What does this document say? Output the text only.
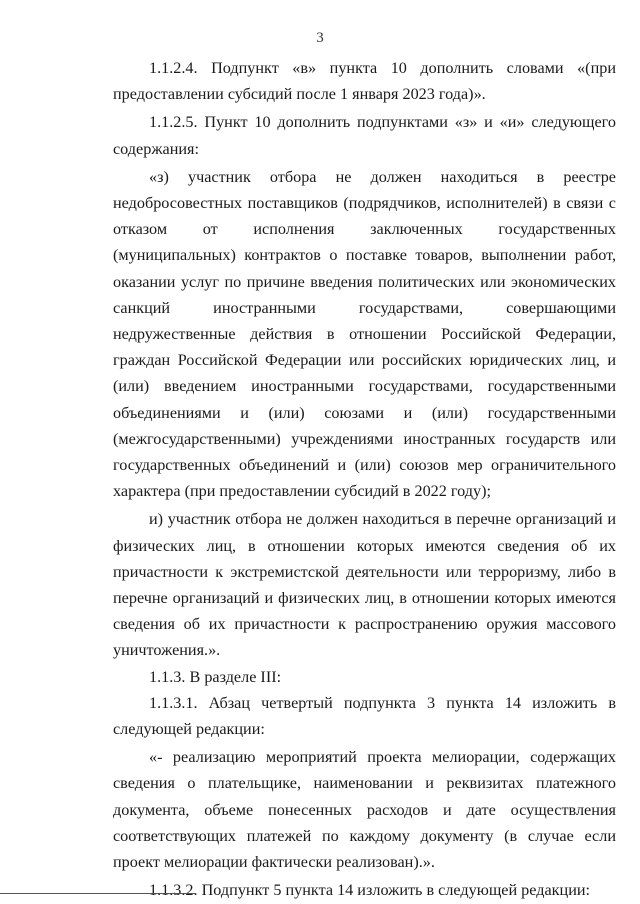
3

1.1.2.4. Подпункт «в» пункта 10 дополнить словами «(при предоставлении субсидий после 1 января 2023 года)».

1.1.2.5. Пункт 10 дополнить подпунктами «з» и «и» следующего содержания:

«з) участник отбора не должен находиться в реестре недобросовестных поставщиков (подрядчиков, исполнителей) в связи с отказом от исполнения заключенных государственных (муниципальных) контрактов о поставке товаров, выполнении работ, оказании услуг по причине введения политических или экономических санкций иностранными государствами, совершающими недружественные действия в отношении Российской Федерации, граждан Российской Федерации или российских юридических лиц, и (или) введением иностранными государствами, государственными объединениями и (или) союзами и (или) государственными (межгосударственными) учреждениями иностранных государств или государственных объединений и (или) союзов мер ограничительного характера (при предоставлении субсидий в 2022 году);

и) участник отбора не должен находиться в перечне организаций и физических лиц, в отношении которых имеются сведения об их причастности к экстремистской деятельности или терроризму, либо в перечне организаций и физических лиц, в отношении которых имеются сведения об их причастности к распространению оружия массового уничтожения.».

1.1.3. В разделе III:

1.1.3.1. Абзац четвертый подпункта 3 пункта 14 изложить в следующей редакции:

«- реализацию мероприятий проекта мелиорации, содержащих сведения о плательщике, наименовании и реквизитах платежного документа, объеме понесенных расходов и дате осуществления соответствующих платежей по каждому документу (в случае если проект мелиорации фактически реализован).».

1.1.3.2. Подпункт 5 пункта 14 изложить в следующей редакции:
